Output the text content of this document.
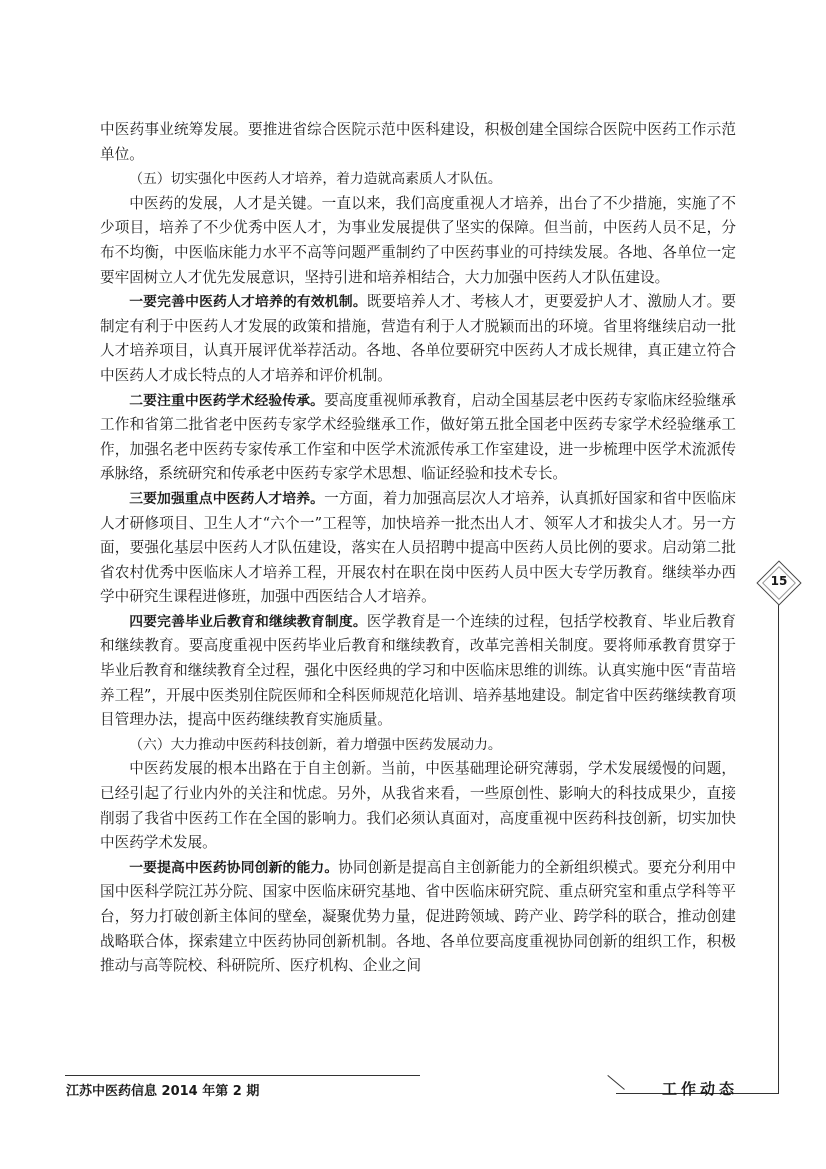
中医药事业统筹发展。要推进省综合医院示范中医科建设，积极创建全国综合医院中医药工作示范单位。

（五）切实强化中医药人才培养，着力造就高素质人才队伍。

中医药的发展，人才是关键。一直以来，我们高度重视人才培养，出台了不少措施，实施了不少项目，培养了不少优秀中医人才，为事业发展提供了坚实的保障。但当前，中医药人员不足，分布不均衡，中医临床能力水平不高等问题严重制约了中医药事业的可持续发展。各地、各单位一定要牢固树立人才优先发展意识，坚持引进和培养相结合，大力加强中医药人才队伍建设。

一要完善中医药人才培养的有效机制。既要培养人才、考核人才，更要爱护人才、激励人才。要制定有利于中医药人才发展的政策和措施，营造有利于人才脱颖而出的环境。省里将继续启动一批人才培养项目，认真开展评优举荐活动。各地、各单位要研究中医药人才成长规律，真正建立符合中医药人才成长特点的人才培养和评价机制。

二要注重中医药学术经验传承。要高度重视师承教育，启动全国基层老中医药专家临床经验继承工作和省第二批省老中医药专家学术经验继承工作，做好第五批全国老中医药专家学术经验继承工作，加强名老中医药专家传承工作室和中医学术流派传承工作室建设，进一步梳理中医学术流派传承脉络，系统研究和传承老中医药专家学术思想、临证经验和技术专长。

三要加强重点中医药人才培养。一方面，着力加强高层次人才培养，认真抓好国家和省中医临床人才研修项目、卫生人才“六个一”工程等，加快培养一批杰出人才、领军人才和拔尖人才。另一方面，要强化基层中医药人才队伍建设，落实在人员招聘中提高中医药人员比例的要求。启动第二批省农村优秀中医临床人才培养工程，开展农村在职在岗中医药人员中医大专学历教育。继续举办西学中研究生课程进修班，加强中西医结合人才培养。

四要完善毕业后教育和继续教育制度。医学教育是一个连续的过程，包括学校教育、毕业后教育和继续教育。要高度重视中医药毕业后教育和继续教育，改革完善相关制度。要将师承教育贯穿于毕业后教育和继续教育全过程，强化中医经典的学习和中医临床思维的训练。认真实施中医“青苗培养工程”，开展中医类别住院医师和全科医师规范化培训、培养基地建设。制定省中医药继续教育项目管理办法，提高中医药继续教育实施质量。

（六）大力推动中医药科技创新，着力增强中医药发展动力。

中医药发展的根本出路在于自主创新。当前，中医基础理论研究薄弱，学术发展缓慢的问题，已经引起了行业内外的关注和忧虑。另外，从我省来看，一些原创性、影响大的科技成果少，直接削弱了我省中医药工作在全国的影响力。我们必须认真面对，高度重视中医药科技创新，切实加快中医药学术发展。

一要提高中医药协同创新的能力。协同创新是提高自主创新能力的全新组织模式。要充分利用中国中医科学院江苏分院、国家中医临床研究基地、省中医临床研究院、重点研究室和重点学科等平台，努力打破创新主体间的壁垒，凝聚优势力量，促进跨领域、跨产业、跨学科的联合，推动创建战略联合体，探索建立中医药协同创新机制。各地、各单位要高度重视协同创新的组织工作，积极推动与高等院校、科研院所、医疗机构、企业之间

15
江苏中医药信息 2014 年第 2 期	工作动态
